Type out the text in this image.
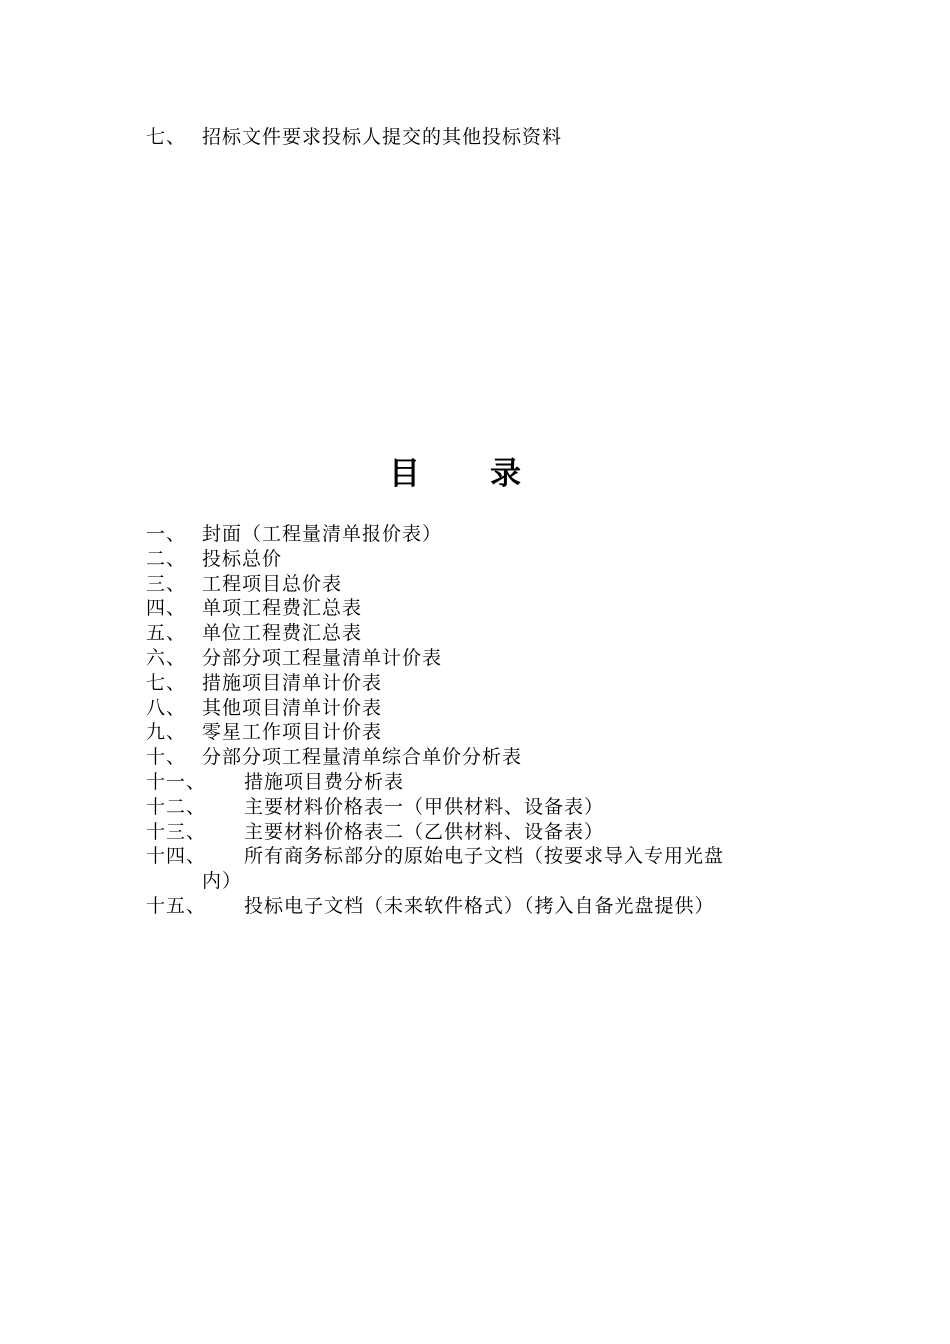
七、 招标文件要求投标人提交的其他投标资料
目录
一、 封面（工程量清单报价表）
二、 投标总价
三、 工程项目总价表
四、 单项工程费汇总表
五、 单位工程费汇总表
六、 分部分项工程量清单计价表
七、 措施项目清单计价表
八、 其他项目清单计价表
九、 零星工作项目计价表
十、 分部分项工程量清单综合单价分析表
十一、	措施项目费分析表
十二、	主要材料价格表一（甲供材料、设备表）
十三、	主要材料价格表二（乙供材料、设备表）
十四、	所有商务标部分的原始电子文档（按要求导入专用光盘
内）
十五、	投标电子文档（未来软件格式）（拷入自备光盘提供）
